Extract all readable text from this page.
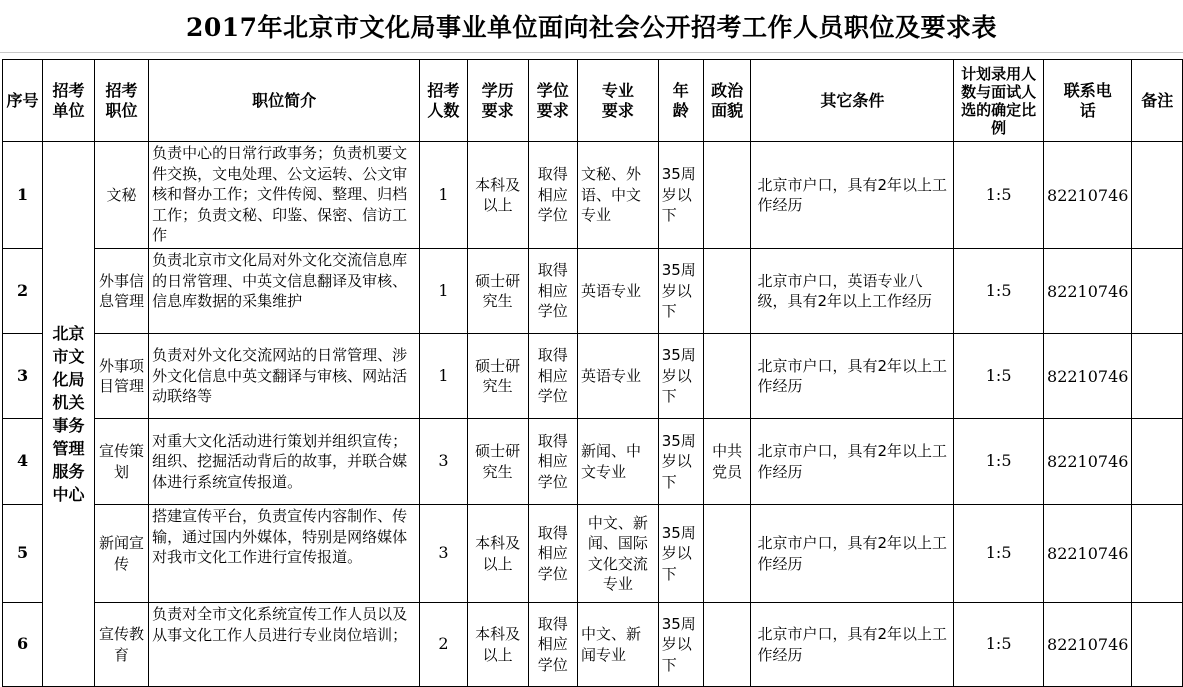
2017年北京市文化局事业单位面向社会公开招考工作人员职位及要求表
序号	招考单位	招考职位	职位简介	招考人数	学历要求	学位要求	专业要求	年龄	政治面貌	其它条件	计划录用人数与面试人选的确定比例	联系电话	备注
1	北京市文化局机关事务管理服务中心	文秘	负责中心的日常行政事务；负责机要文件交换，文电处理、公文运转、公文审核和督办工作；文件传阅、整理、归档工作；负责文秘、印鉴、保密、信访工作	1	本科及以上	取得相应学位	文秘、外语、中文专业	35周岁以下		北京市户口，具有2年以上工作经历	1:5	82210746	
2		外事信息管理	负责北京市文化局对外文化交流信息库的日常管理、中英文信息翻译及审核、信息库数据的采集维护	1	硕士研究生	取得相应学位	英语专业	35周岁以下		北京市户口，英语专业八级，具有2年以上工作经历	1:5	82210746	
3		外事项目管理	负责对外文化交流网站的日常管理、涉外文化信息中英文翻译与审核、网站活动联络等	1	硕士研究生	取得相应学位	英语专业	35周岁以下		北京市户口，具有2年以上工作经历	1:5	82210746	
4		宣传策划	对重大文化活动进行策划并组织宣传；组织、挖掘活动背后的故事，并联合媒体进行系统宣传报道。	3	硕士研究生	取得相应学位	新闻、中文专业	35周岁以下	中共党员	北京市户口，具有2年以上工作经历	1:5	82210746	
5		新闻宣传	搭建宣传平台，负责宣传内容制作、传输，通过国内外媒体，特别是网络媒体对我市文化工作进行宣传报道。	3	本科及以上	取得相应学位	中文、新闻、国际文化交流专业	35周岁以下		北京市户口，具有2年以上工作经历	1:5	82210746	
6		宣传教育	负责对全市文化系统宣传工作人员以及从事文化工作人员进行专业岗位培训；	2	本科及以上	取得相应学位	中文、新闻专业	35周岁以下		北京市户口，具有2年以上工作经历	1:5	82210746	
